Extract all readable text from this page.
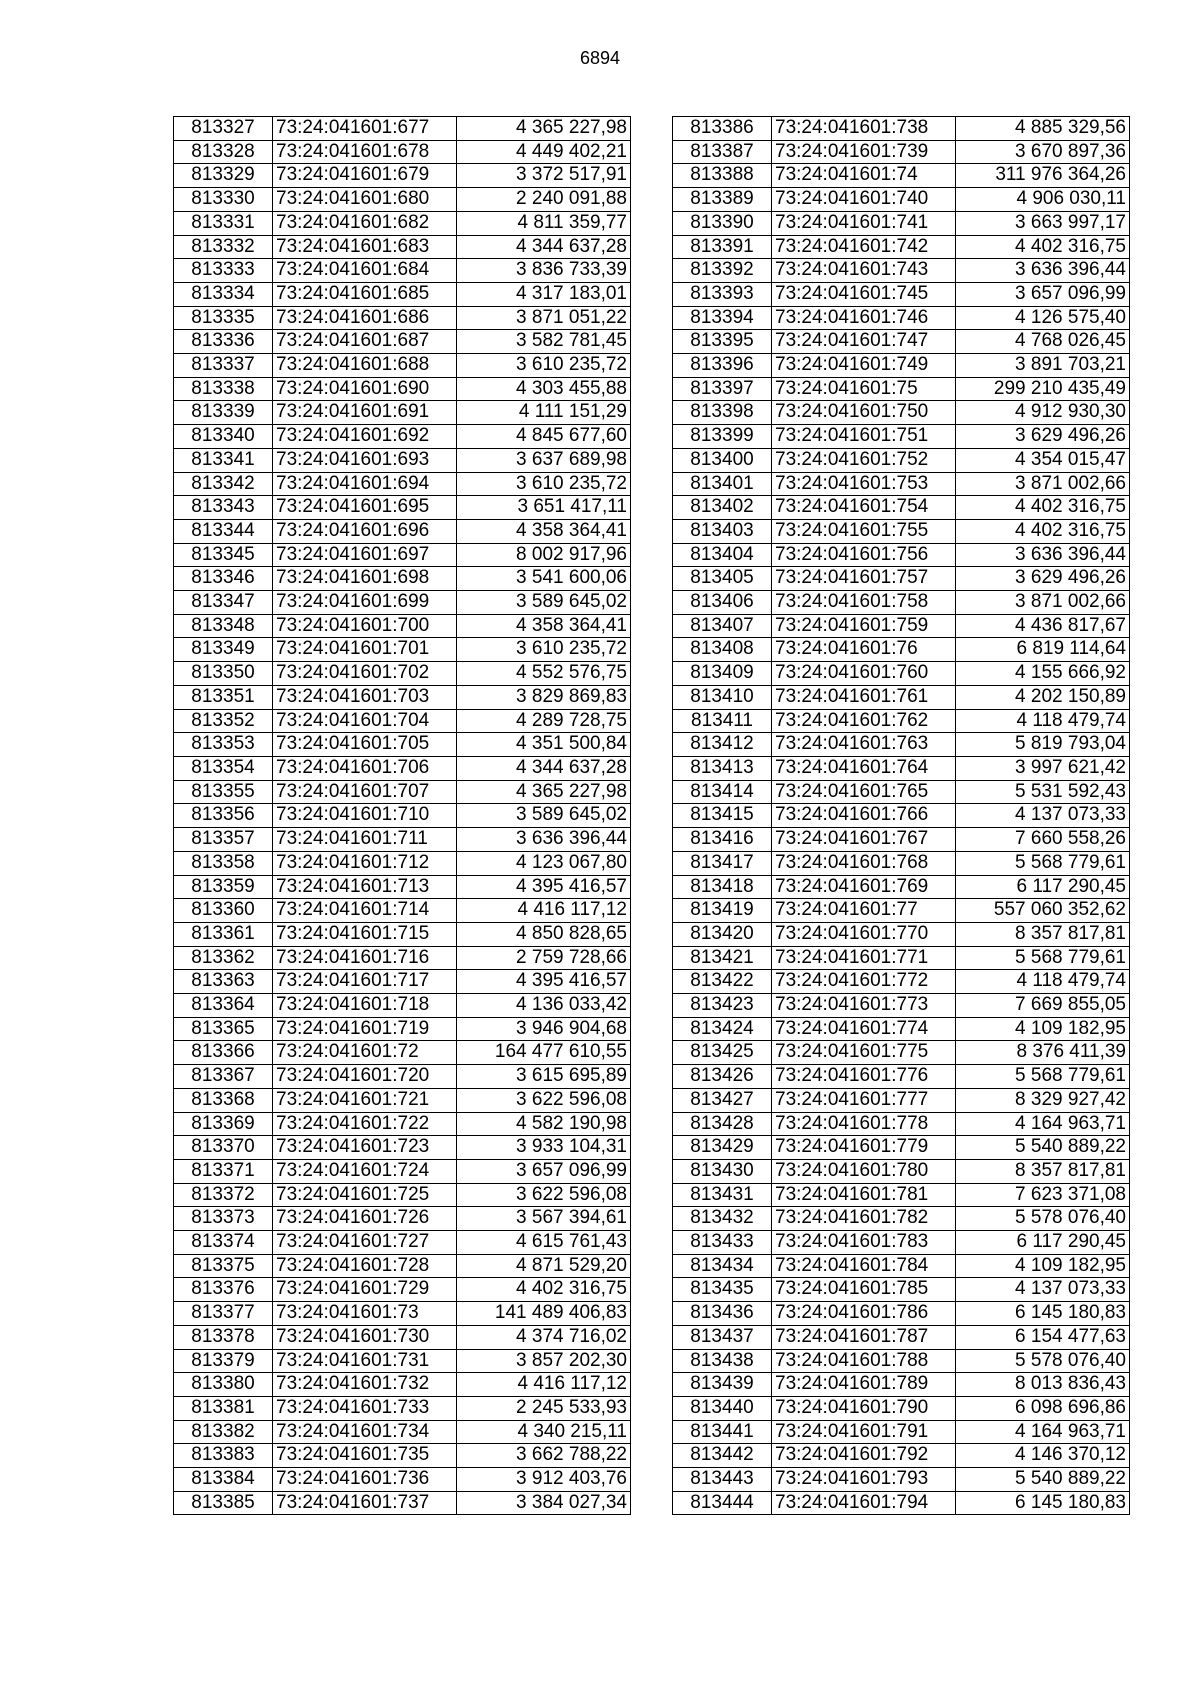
6894
813327	73:24:041601:677	4 365 227,98
813328	73:24:041601:678	4 449 402,21
813329	73:24:041601:679	3 372 517,91
813330	73:24:041601:680	2 240 091,88
813331	73:24:041601:682	4 811 359,77
813332	73:24:041601:683	4 344 637,28
813333	73:24:041601:684	3 836 733,39
813334	73:24:041601:685	4 317 183,01
813335	73:24:041601:686	3 871 051,22
813336	73:24:041601:687	3 582 781,45
813337	73:24:041601:688	3 610 235,72
813338	73:24:041601:690	4 303 455,88
813339	73:24:041601:691	4 111 151,29
813340	73:24:041601:692	4 845 677,60
813341	73:24:041601:693	3 637 689,98
813342	73:24:041601:694	3 610 235,72
813343	73:24:041601:695	3 651 417,11
813344	73:24:041601:696	4 358 364,41
813345	73:24:041601:697	8 002 917,96
813346	73:24:041601:698	3 541 600,06
813347	73:24:041601:699	3 589 645,02
813348	73:24:041601:700	4 358 364,41
813349	73:24:041601:701	3 610 235,72
813350	73:24:041601:702	4 552 576,75
813351	73:24:041601:703	3 829 869,83
813352	73:24:041601:704	4 289 728,75
813353	73:24:041601:705	4 351 500,84
813354	73:24:041601:706	4 344 637,28
813355	73:24:041601:707	4 365 227,98
813356	73:24:041601:710	3 589 645,02
813357	73:24:041601:711	3 636 396,44
813358	73:24:041601:712	4 123 067,80
813359	73:24:041601:713	4 395 416,57
813360	73:24:041601:714	4 416 117,12
813361	73:24:041601:715	4 850 828,65
813362	73:24:041601:716	2 759 728,66
813363	73:24:041601:717	4 395 416,57
813364	73:24:041601:718	4 136 033,42
813365	73:24:041601:719	3 946 904,68
813366	73:24:041601:72	164 477 610,55
813367	73:24:041601:720	3 615 695,89
813368	73:24:041601:721	3 622 596,08
813369	73:24:041601:722	4 582 190,98
813370	73:24:041601:723	3 933 104,31
813371	73:24:041601:724	3 657 096,99
813372	73:24:041601:725	3 622 596,08
813373	73:24:041601:726	3 567 394,61
813374	73:24:041601:727	4 615 761,43
813375	73:24:041601:728	4 871 529,20
813376	73:24:041601:729	4 402 316,75
813377	73:24:041601:73	141 489 406,83
813378	73:24:041601:730	4 374 716,02
813379	73:24:041601:731	3 857 202,30
813380	73:24:041601:732	4 416 117,12
813381	73:24:041601:733	2 245 533,93
813382	73:24:041601:734	4 340 215,11
813383	73:24:041601:735	3 662 788,22
813384	73:24:041601:736	3 912 403,76
813385	73:24:041601:737	3 384 027,34
813386	73:24:041601:738	4 885 329,56
813387	73:24:041601:739	3 670 897,36
813388	73:24:041601:74	311 976 364,26
813389	73:24:041601:740	4 906 030,11
813390	73:24:041601:741	3 663 997,17
813391	73:24:041601:742	4 402 316,75
813392	73:24:041601:743	3 636 396,44
813393	73:24:041601:745	3 657 096,99
813394	73:24:041601:746	4 126 575,40
813395	73:24:041601:747	4 768 026,45
813396	73:24:041601:749	3 891 703,21
813397	73:24:041601:75	299 210 435,49
813398	73:24:041601:750	4 912 930,30
813399	73:24:041601:751	3 629 496,26
813400	73:24:041601:752	4 354 015,47
813401	73:24:041601:753	3 871 002,66
813402	73:24:041601:754	4 402 316,75
813403	73:24:041601:755	4 402 316,75
813404	73:24:041601:756	3 636 396,44
813405	73:24:041601:757	3 629 496,26
813406	73:24:041601:758	3 871 002,66
813407	73:24:041601:759	4 436 817,67
813408	73:24:041601:76	6 819 114,64
813409	73:24:041601:760	4 155 666,92
813410	73:24:041601:761	4 202 150,89
813411	73:24:041601:762	4 118 479,74
813412	73:24:041601:763	5 819 793,04
813413	73:24:041601:764	3 997 621,42
813414	73:24:041601:765	5 531 592,43
813415	73:24:041601:766	4 137 073,33
813416	73:24:041601:767	7 660 558,26
813417	73:24:041601:768	5 568 779,61
813418	73:24:041601:769	6 117 290,45
813419	73:24:041601:77	557 060 352,62
813420	73:24:041601:770	8 357 817,81
813421	73:24:041601:771	5 568 779,61
813422	73:24:041601:772	4 118 479,74
813423	73:24:041601:773	7 669 855,05
813424	73:24:041601:774	4 109 182,95
813425	73:24:041601:775	8 376 411,39
813426	73:24:041601:776	5 568 779,61
813427	73:24:041601:777	8 329 927,42
813428	73:24:041601:778	4 164 963,71
813429	73:24:041601:779	5 540 889,22
813430	73:24:041601:780	8 357 817,81
813431	73:24:041601:781	7 623 371,08
813432	73:24:041601:782	5 578 076,40
813433	73:24:041601:783	6 117 290,45
813434	73:24:041601:784	4 109 182,95
813435	73:24:041601:785	4 137 073,33
813436	73:24:041601:786	6 145 180,83
813437	73:24:041601:787	6 154 477,63
813438	73:24:041601:788	5 578 076,40
813439	73:24:041601:789	8 013 836,43
813440	73:24:041601:790	6 098 696,86
813441	73:24:041601:791	4 164 963,71
813442	73:24:041601:792	4 146 370,12
813443	73:24:041601:793	5 540 889,22
813444	73:24:041601:794	6 145 180,83
